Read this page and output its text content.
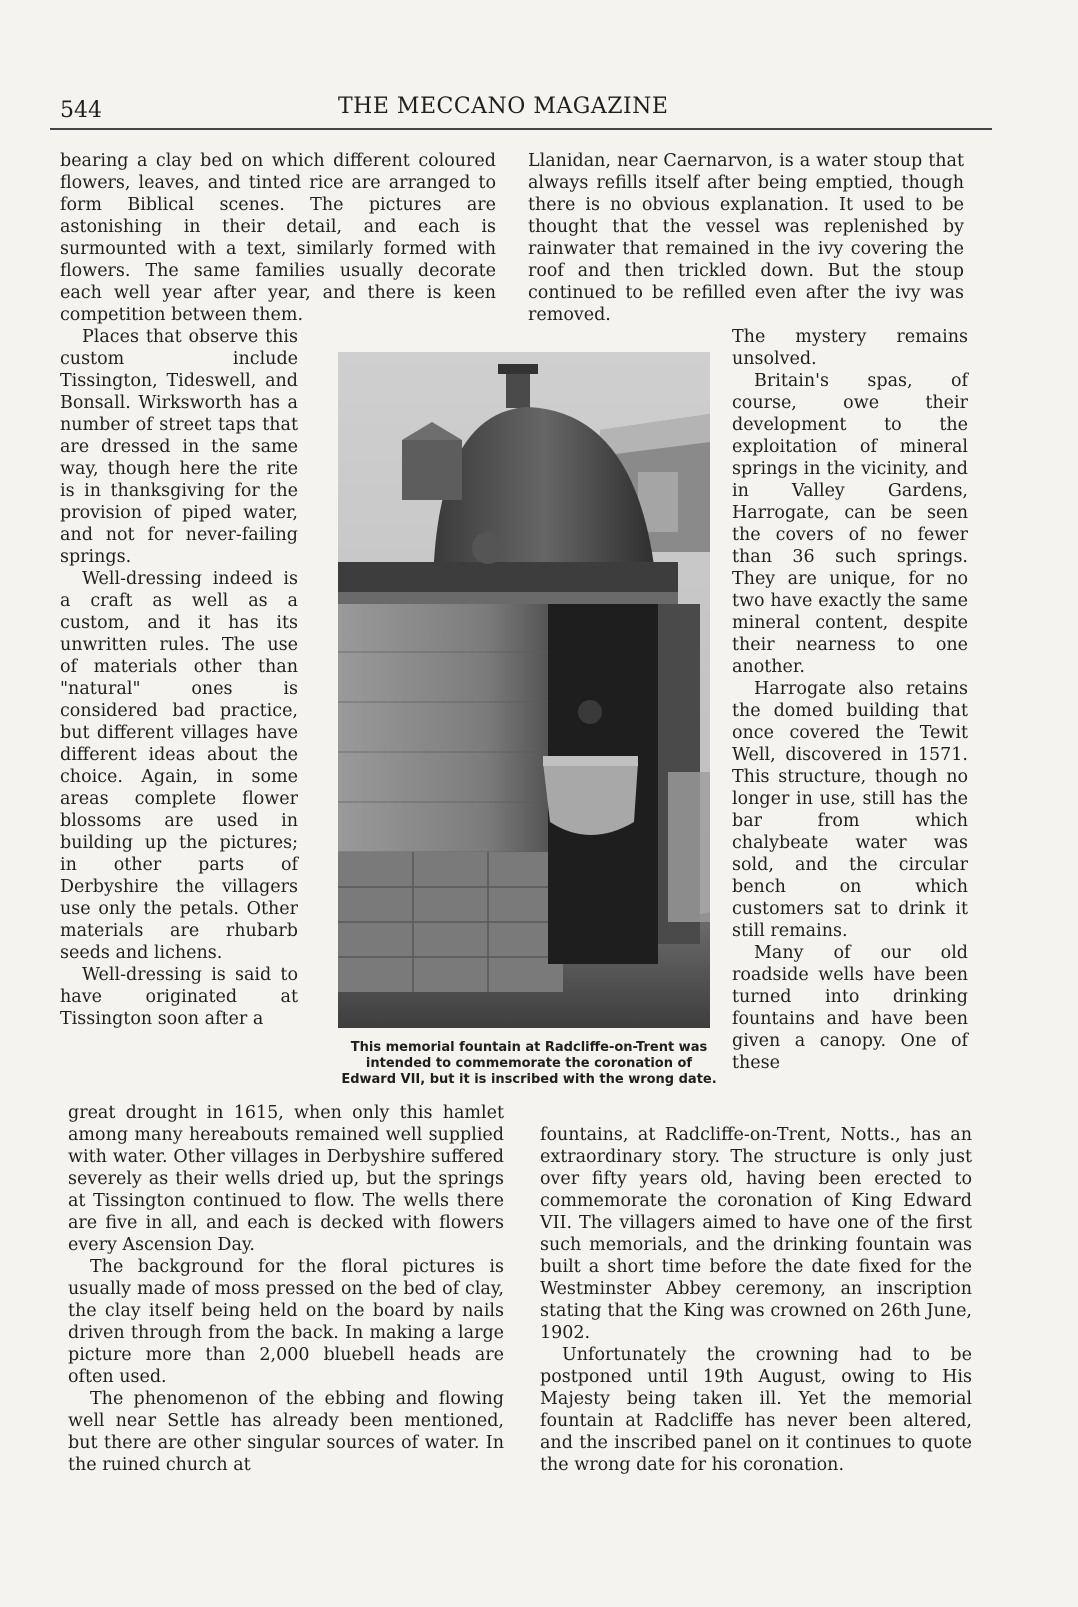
544	THE MECCANO MAGAZINE

bearing a clay bed on which different coloured flowers, leaves, and tinted rice are arranged to form Biblical scenes. The pictures are astonishing in their detail, and each is surmounted with a text, similarly formed with flowers. The same families usually decorate each well year after year, and there is keen competition between them.

Places that observe this custom include Tissington, Tideswell, and Bonsall. Wirksworth has a number of street taps that are dressed in the same way, though here the rite is in thanksgiving for the provision of piped water, and not for never-failing springs.

Well-dressing indeed is a craft as well as a custom, and it has its unwritten rules. The use of materials other than "natural" ones is considered bad practice, but different villages have different ideas about the choice. Again, in some areas complete flower blossoms are used in building up the pictures; in other parts of Derbyshire the villagers use only the petals. Other materials are rhubarb seeds and lichens.

Well-dressing is said to have originated at Tissington soon after a

great drought in 1615, when only this hamlet among many hereabouts remained well supplied with water. Other villages in Derbyshire suffered severely as their wells dried up, but the springs at Tissington continued to flow. The wells there are five in all, and each is decked with flowers every Ascension Day.

The background for the floral pictures is usually made of moss pressed on the bed of clay, the clay itself being held on the board by nails driven through from the back. In making a large picture more than 2,000 bluebell heads are often used.

The phenomenon of the ebbing and flowing well near Settle has already been mentioned, but there are other singular sources of water. In the ruined church at

Llanidan, near Caernarvon, is a water stoup that always refills itself after being emptied, though there is no obvious explanation. It used to be thought that the vessel was replenished by rainwater that remained in the ivy covering the roof and then trickled down. But the stoup continued to be refilled even after the ivy was removed.

The mystery remains unsolved.

Britain's spas, of course, owe their development to the exploitation of mineral springs in the vicinity, and in Valley Gardens, Harrogate, can be seen the covers of no fewer than 36 such springs. They are unique, for no two have exactly the same mineral content, despite their nearness to one another.

Harrogate also retains the domed building that once covered the Tewit Well, discovered in 1571. This structure, though no longer in use, still has the bar from which chalybeate water was sold, and the circular bench on which customers sat to drink it still remains.

Many of our old roadside wells have been turned into drinking fountains and have been given a canopy. One of these

fountains, at Radcliffe-on-Trent, Notts., has an extraordinary story. The structure is only just over fifty years old, having been erected to commemorate the coronation of King Edward VII. The villagers aimed to have one of the first such memorials, and the drinking fountain was built a short time before the date fixed for the Westminster Abbey ceremony, an inscription stating that the King was crowned on 26th June, 1902.

Unfortunately the crowning had to be postponed until 19th August, owing to His Majesty being taken ill. Yet the memorial fountain at Radcliffe has never been altered, and the inscribed panel on it continues to quote the wrong date for his coronation.

This memorial fountain at Radcliffe-on-Trent was intended to commemorate the coronation of Edward VII, but it is inscribed with the wrong date.
